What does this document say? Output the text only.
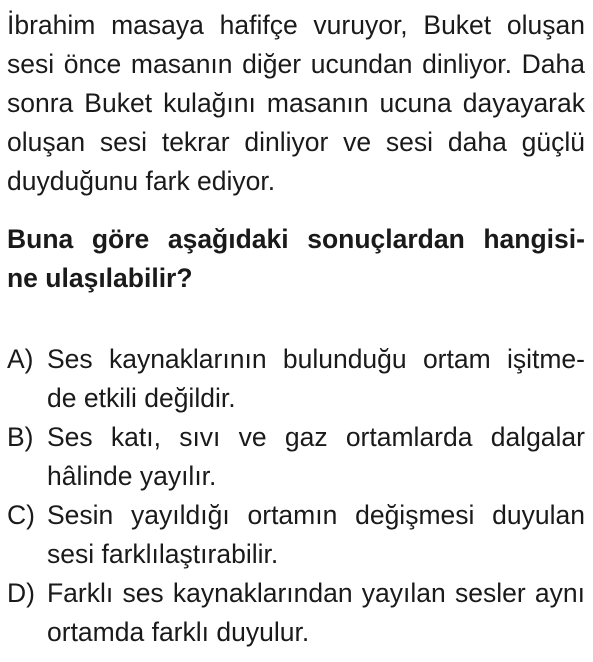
İbrahim masaya hafifçe vuruyor, Buket oluşan
sesi önce masanın diğer ucundan dinliyor. Daha
sonra Buket kulağını masanın ucuna dayayarak
oluşan sesi tekrar dinliyor ve sesi daha güçlü
duyduğunu fark ediyor.
Buna göre aşağıdaki sonuçlardan hangisi-
ne ulaşılabilir?
A) Ses kaynaklarının bulunduğu ortam işitme-
de etkili değildir.
B) Ses katı, sıvı ve gaz ortamlarda dalgalar
hâlinde yayılır.
C) Sesin yayıldığı ortamın değişmesi duyulan
sesi farklılaştırabilir.
D) Farklı ses kaynaklarından yayılan sesler aynı
ortamda farklı duyulur.
